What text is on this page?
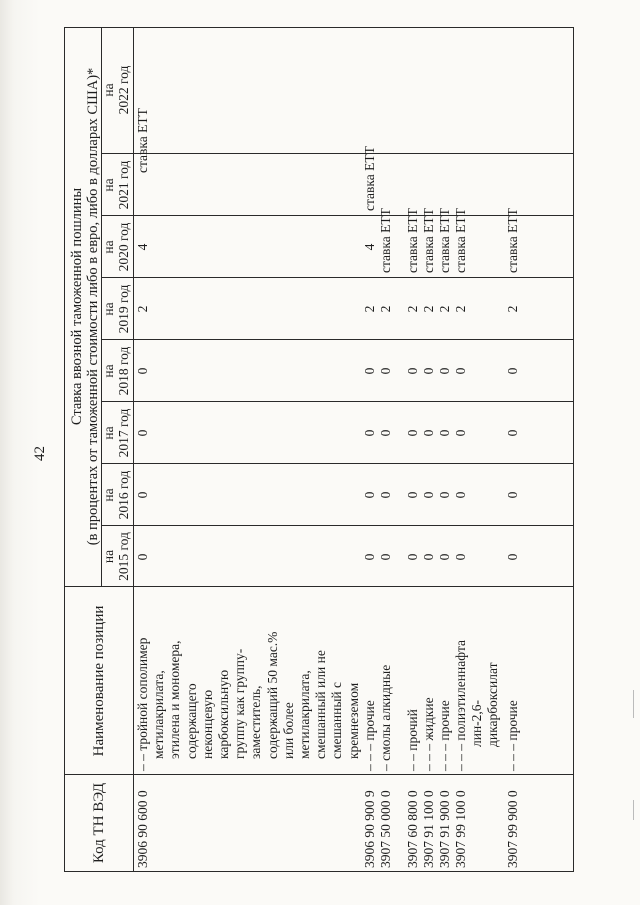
42
Код ТН ВЭД
Наименование позиции
Ставка ввозной таможенной пошлины (в процентах от таможенной стоимости либо в евро, либо в долларах США)*
на 2015 год
на 2016 год
на 2017 год
на 2018 год
на 2019 год
на 2020 год
на 2021 год
на 2022 год
3906 90 600 0
– – тройной сополимер метилакрилата, этилена и мономера, содержащего неконцевую карбоксильную группу как группу- заместитель, содержащий 50 мас.% или более метилакрилата, смешанный или не смешанный с кремнеземом
0
0
0
0
2
4
ставка ЕТТ
3906 90 900 9
– – – прочие
0
0
0
0
2
4
ставка ЕТТ
3907 50 000 0
– смолы алкидные
0
0
0
0
2
ставка ЕТТ
3907 60 800 0
– – прочий
0
0
0
0
2
ставка ЕТТ
3907 91 100 0
– – – жидкие
0
0
0
0
2
ставка ЕТТ
3907 91 900 0
– – – прочие
0
0
0
0
2
ставка ЕТТ
3907 99 100 0
– – – полиэтиленнафта лин-2,6- дикарбоксилат
0
0
0
0
2
ставка ЕТТ
3907 99 900 0
– – – прочие
0
0
0
0
2
ставка ЕТТ
